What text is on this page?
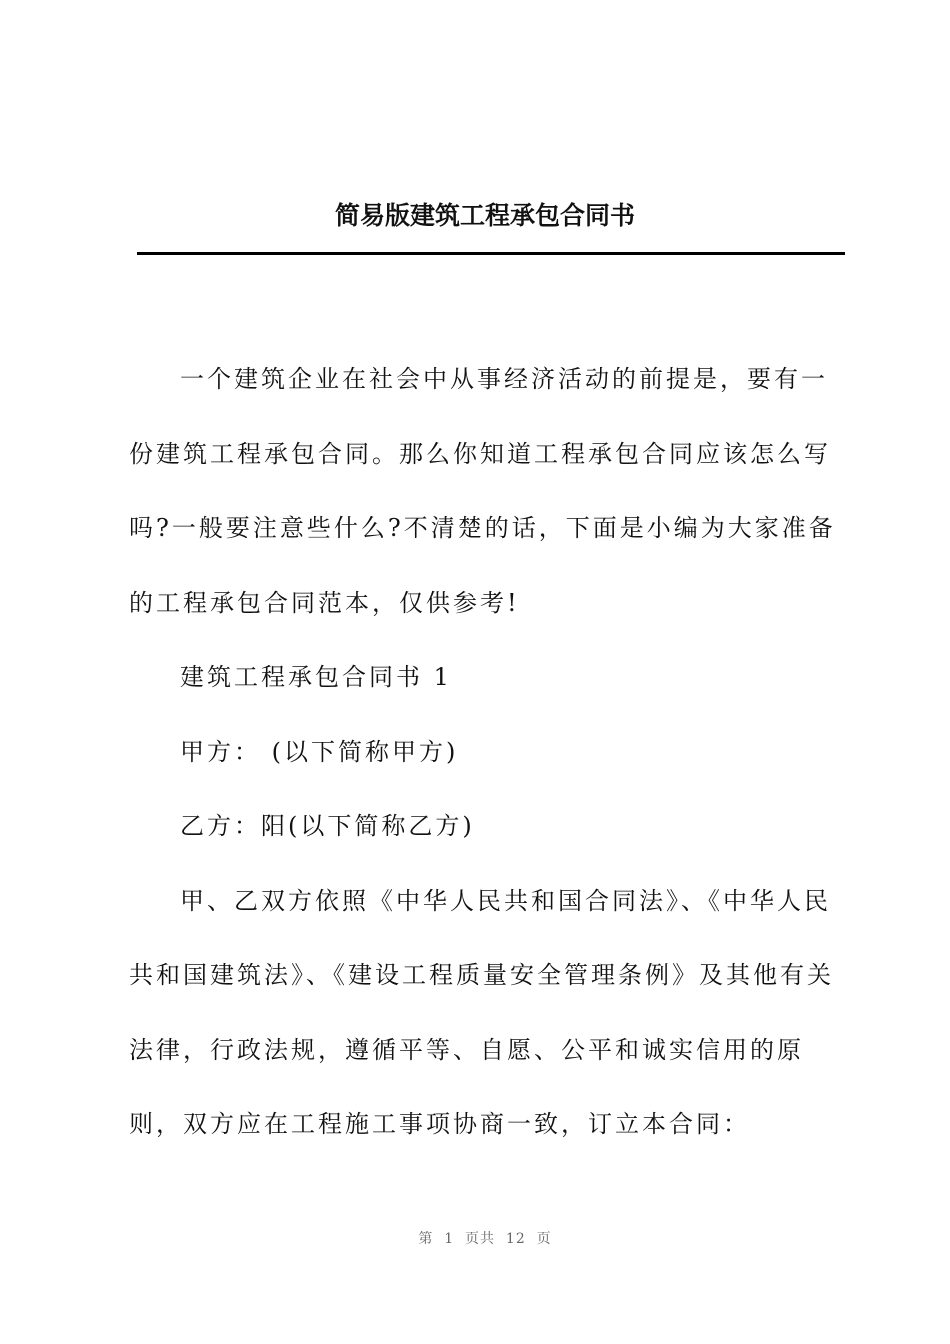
简易版建筑工程承包合同书

一个建筑企业在社会中从事经济活动的前提是，要有一份建筑工程承包合同。那么你知道工程承包合同应该怎么写吗?一般要注意些什么?不清楚的话，下面是小编为大家准备的工程承包合同范本，仅供参考!

建筑工程承包合同书 1

甲方： (以下简称甲方)

乙方：阳(以下简称乙方)

甲、乙双方依照《中华人民共和国合同法》、《中华人民共和国建筑法》、《建设工程质量安全管理条例》及其他有关法律，行政法规，遵循平等、自愿、公平和诚实信用的原则，双方应在工程施工事项协商一致，订立本合同：

第  1  页共  12  页
